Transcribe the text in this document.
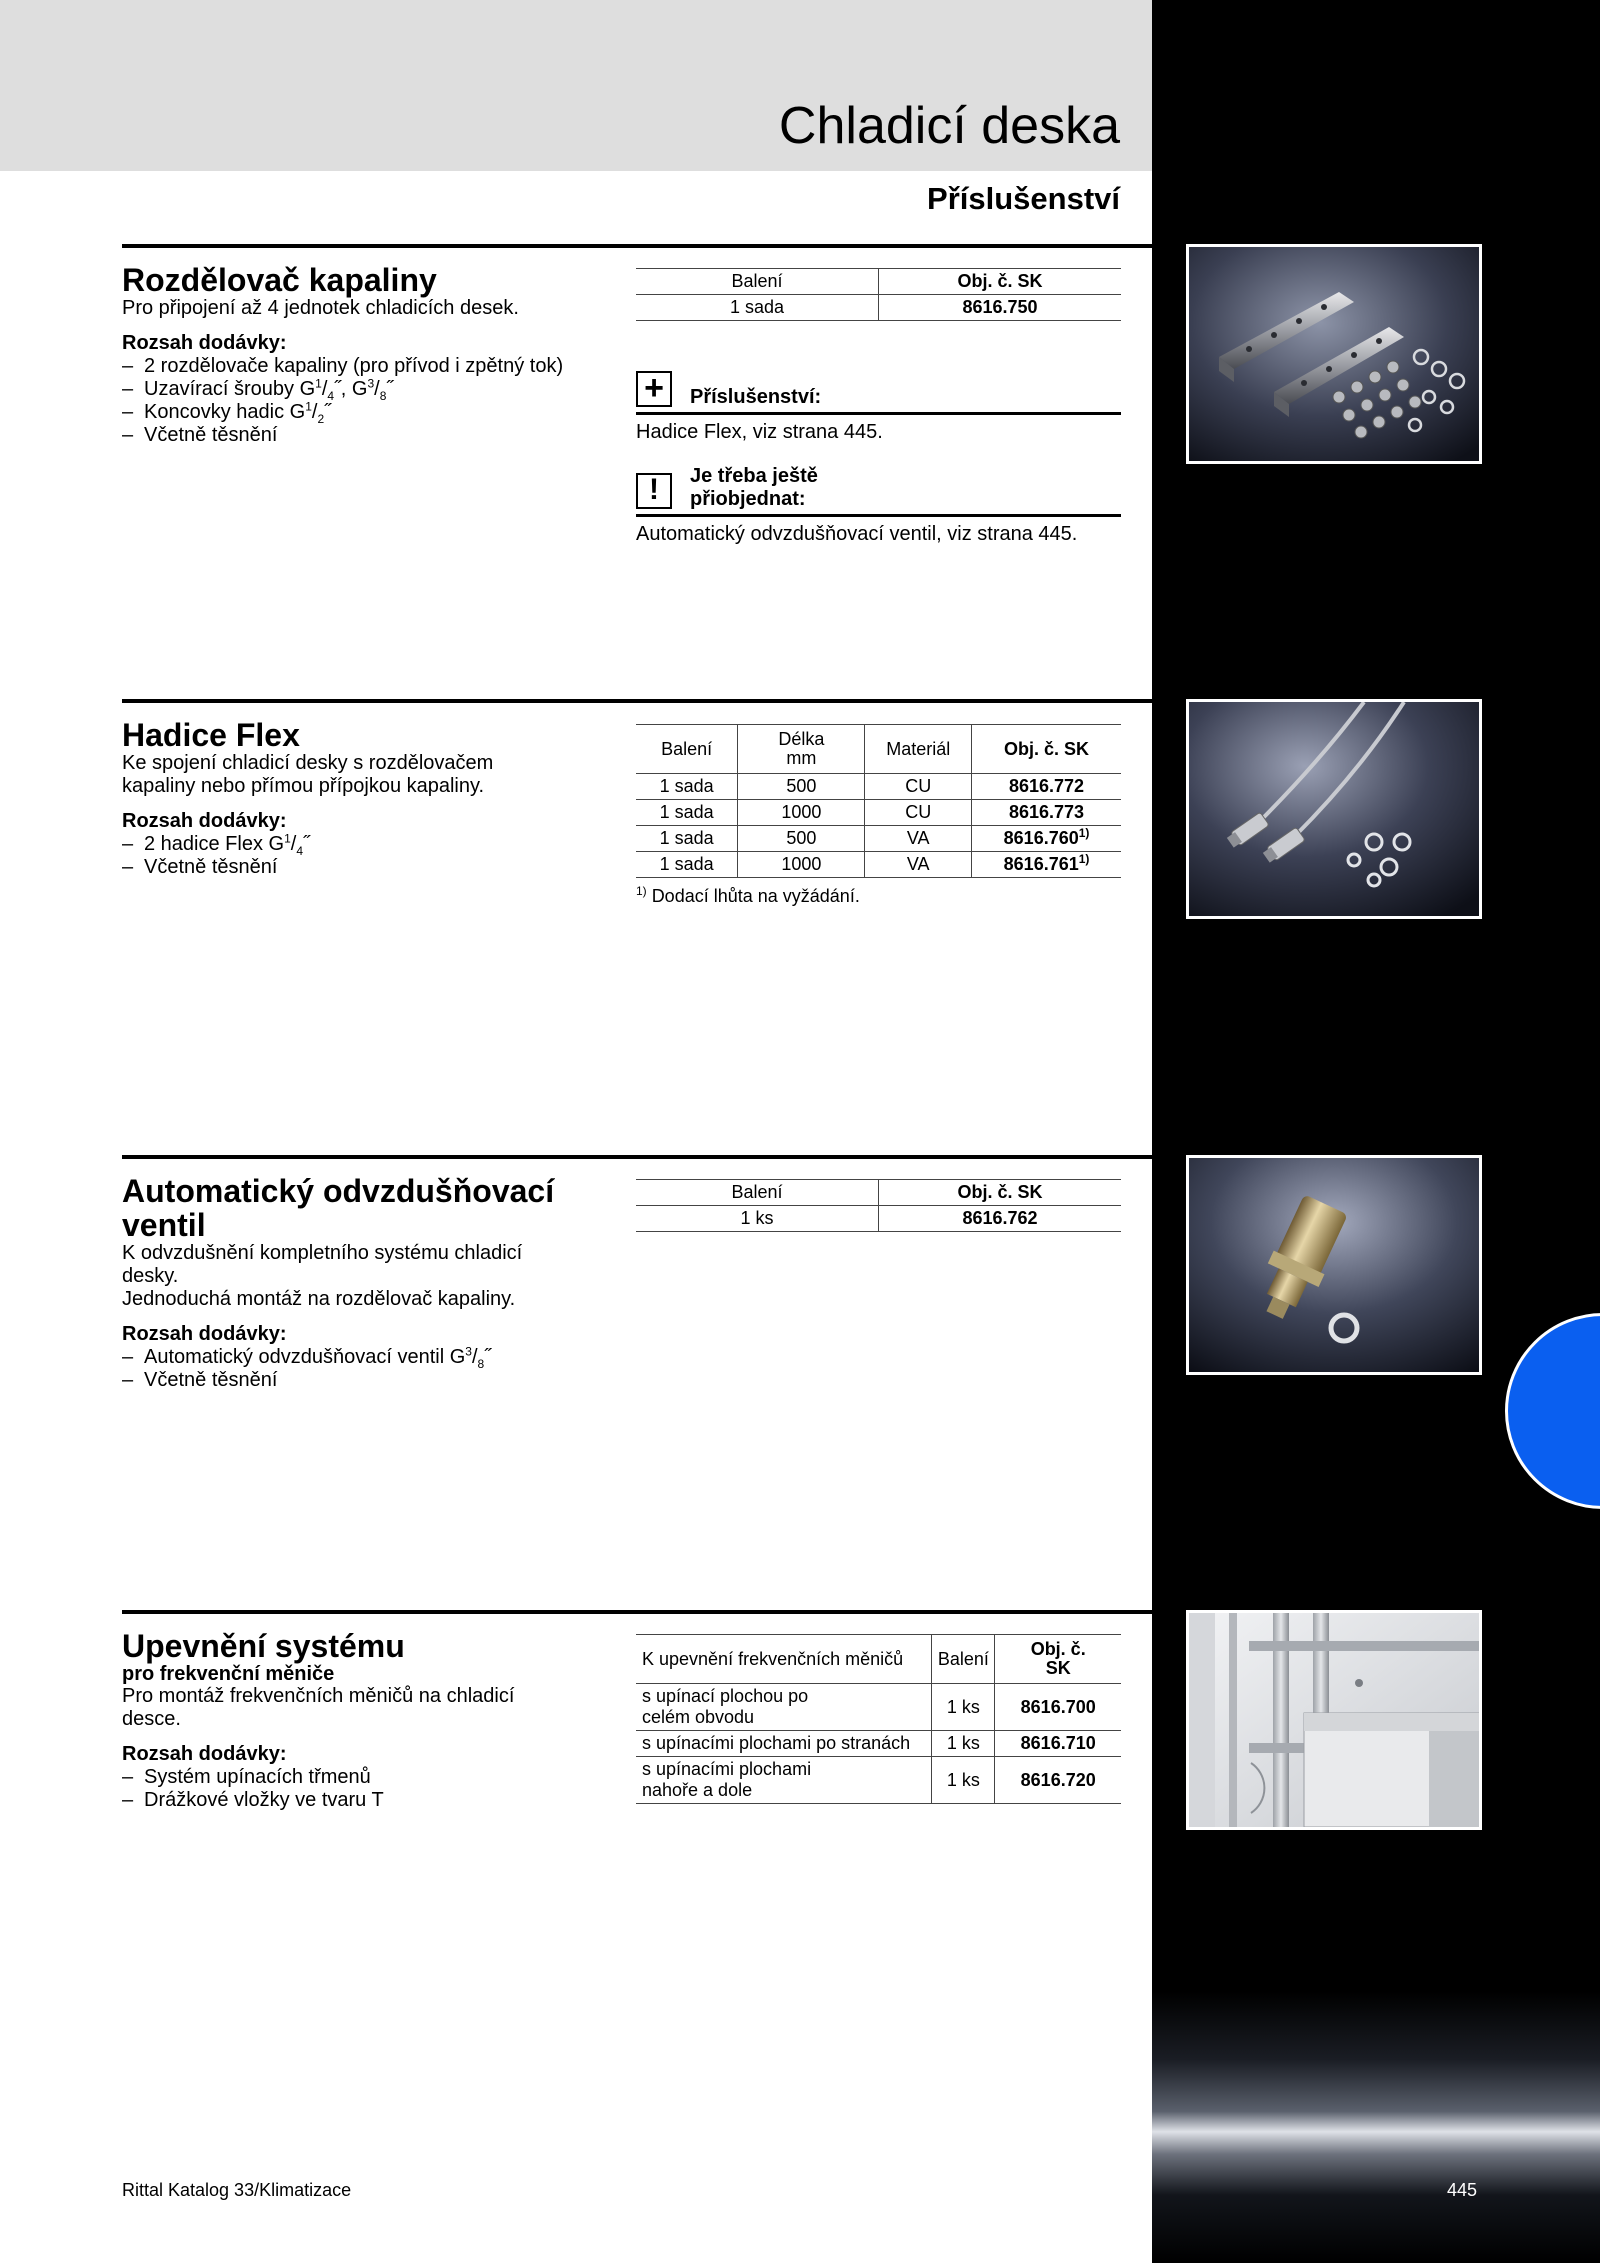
Chladicí deska
Příslušenství
Rozdělovač kapaliny
Pro připojení až 4 jednotek chladicích desek.
Rozsah dodávky:
– 2 rozdělovače kapaliny (pro přívod i zpětný tok)
– Uzavírací šrouby $G^1/_4˝$, $G^3/_8˝$
– Koncovky hadic $G^1/_2˝$
– Včetně těsnění
Balení	Obj. č. SK
1 sada	8616.750
+	Příslušenství:
Hadice Flex, viz strana 445.
!	Je třeba ještě
přiobjednat:
Automatický odvzdušňovací ventil, viz strana 445.
Hadice Flex
Ke spojení chladicí desky s rozdělovačem
kapaliny nebo přímou přípojkou kapaliny.
Rozsah dodávky:
– 2 hadice Flex $G^1/_4˝$
– Včetně těsnění
Balení	Délka mm	Materiál	Obj. č. SK
1 sada	500	CU	8616.772
1 sada	1000	CU	8616.773
1 sada	500	VA	8616.760$^{1)}$
1 sada	1000	VA	8616.761$^{1)}$
$^{1)}$ Dodací lhůta na vyžádání.
Automatický odvzdušňovací
ventil
K odvzdušnění kompletního systému chladicí
desky.
Jednoduchá montáž na rozdělovač kapaliny.
Rozsah dodávky:
– Automatický odvzdušňovací ventil $G^3/_8˝$
– Včetně těsnění
Balení	Obj. č. SK
1 ks	8616.762
Upevnění systému
pro frekvenční měniče
Pro montáž frekvenčních měničů na chladicí
desce.
Rozsah dodávky:
– Systém upínacích třmenů
– Drážkové vložky ve tvaru T
K upevnění frekvenčních měničů	Balení	Obj. č. SK
s upínací plochou po celém obvodu	1 ks	8616.700
s upínacími plochami po stranách	1 ks	8616.710
s upínacími plochami nahoře a dole	1 ks	8616.720
Rittal Katalog 33/Klimatizace	445
